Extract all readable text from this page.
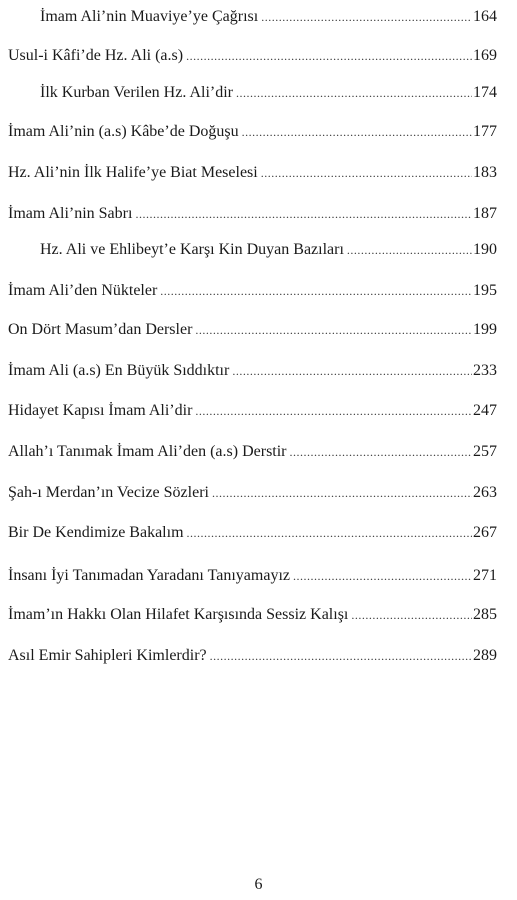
İmam Ali’nin Muaviye’ye Çağrısı .....	164
Usul-i Kâfi’de Hz. Ali (a.s) .....	169
İlk Kurban Verilen Hz. Ali’dir .....	174
İmam Ali’nin (a.s) Kâbe’de Doğuşu .....	177
Hz. Ali’nin İlk Halife’ye Biat Meselesi .....	183
İmam Ali’nin Sabrı .....	187
Hz. Ali ve Ehlibeyt’e Karşı Kin Duyan Bazıları .....	190
İmam Ali’den Nükteler .....	195
On Dört Masum’dan Dersler .....	199
İmam Ali (a.s) En Büyük Sıddıktır .....	233
Hidayet Kapısı İmam Ali’dir .....	247
Allah’ı Tanımak İmam Ali’den (a.s) Derstir .....	257
Şah-ı Merdan’ın Vecize Sözleri .....	263
Bir De Kendimize Bakalım .....	267
İnsanı İyi Tanımadan Yaradanı Tanıyamayız .....	271
İmam’ın Hakkı Olan Hilafet Karşısında Sessiz Kalışı .....	285
Asıl Emir Sahipleri Kimlerdir? .....	289
6
